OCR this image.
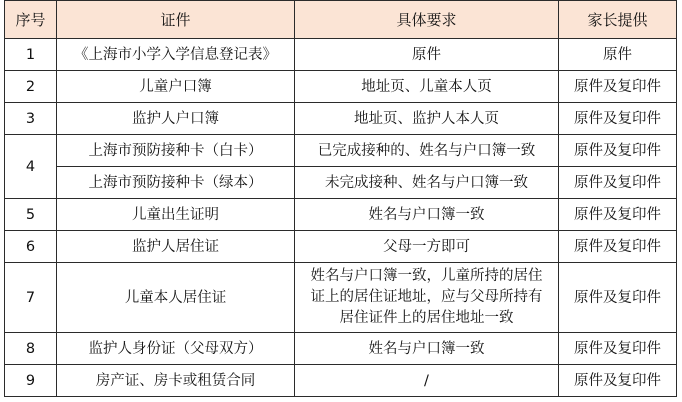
序号	证件	具体要求	家长提供
1	《上海市小学入学信息登记表》	原件	原件
2	儿童户口簿	地址页、儿童本人页	原件及复印件
3	监护人户口簿	地址页、监护人本人页	原件及复印件
4	上海市预防接种卡（白卡）	已完成接种的、姓名与户口簿一致	原件及复印件
	上海市预防接种卡（绿本）	未完成接种、姓名与户口簿一致	原件及复印件
5	儿童出生证明	姓名与户口簿一致	原件及复印件
6	监护人居住证	父母一方即可	原件及复印件
7	儿童本人居住证	姓名与户口簿一致，儿童所持的居住
证上的居住证地址，应与父母所持有
居住证件上的居住地址一致	原件及复印件
8	监护人身份证（父母双方）	姓名与户口簿一致	原件及复印件
9	房产证、房卡或租赁合同	/	原件及复印件
